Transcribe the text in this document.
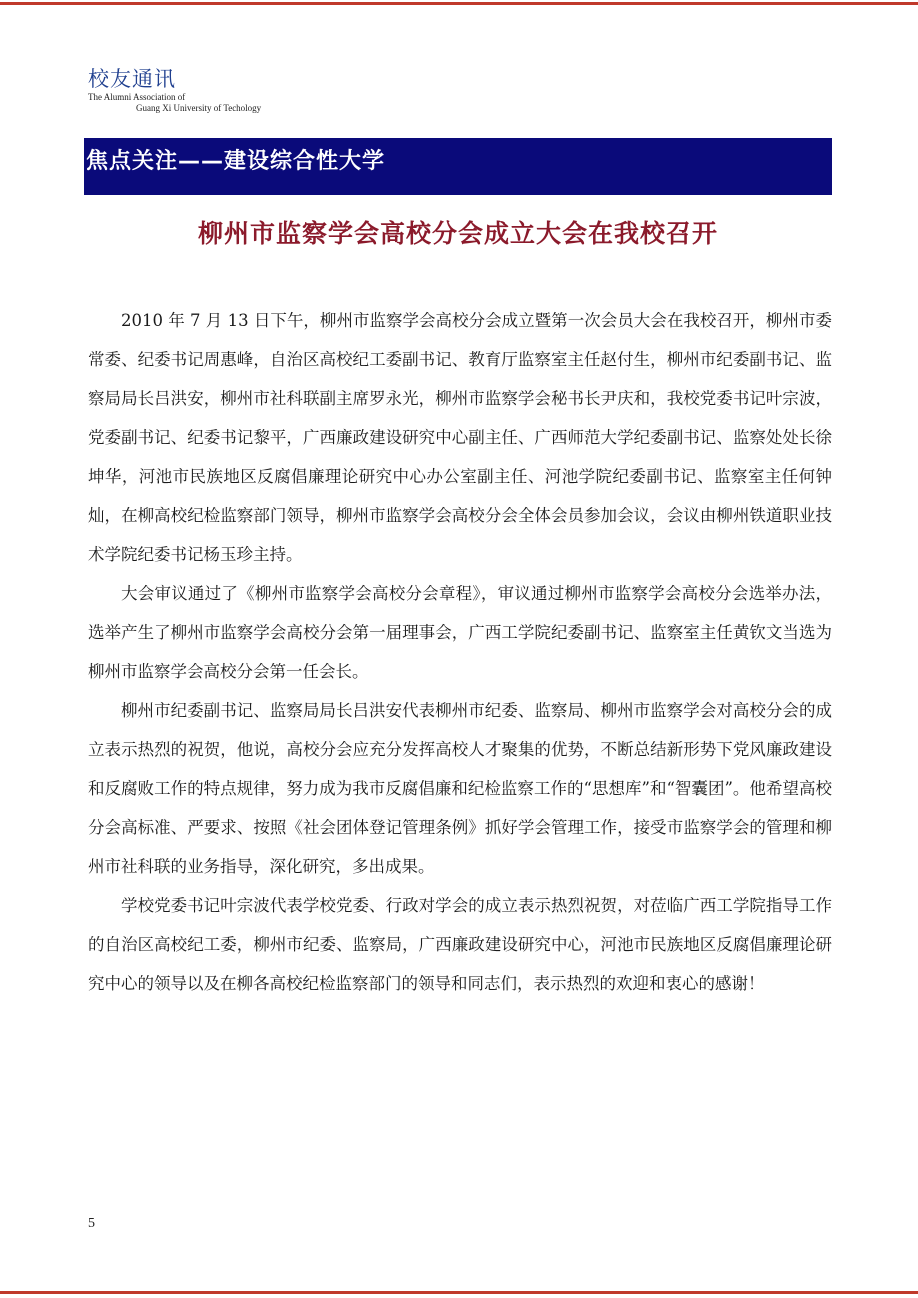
校友通讯
The Alumni Association of
Guang Xi University of Techology
焦点关注——建设综合性大学
柳州市监察学会高校分会成立大会在我校召开

2010 年 7 月 13 日下午，柳州市监察学会高校分会成立暨第一次会员大会在我校召开，柳州市委常委、纪委书记周惠峰，自治区高校纪工委副书记、教育厅监察室主任赵付生，柳州市纪委副书记、监察局局长吕洪安，柳州市社科联副主席罗永光，柳州市监察学会秘书长尹庆和，我校党委书记叶宗波，党委副书记、纪委书记黎平，广西廉政建设研究中心副主任、广西师范大学纪委副书记、监察处处长徐坤华，河池市民族地区反腐倡廉理论研究中心办公室副主任、河池学院纪委副书记、监察室主任何钟灿，在柳高校纪检监察部门领导，柳州市监察学会高校分会全体会员参加会议，会议由柳州铁道职业技术学院纪委书记杨玉珍主持。

大会审议通过了《柳州市监察学会高校分会章程》，审议通过柳州市监察学会高校分会选举办法，选举产生了柳州市监察学会高校分会第一届理事会，广西工学院纪委副书记、监察室主任黄钦文当选为柳州市监察学会高校分会第一任会长。

柳州市纪委副书记、监察局局长吕洪安代表柳州市纪委、监察局、柳州市监察学会对高校分会的成立表示热烈的祝贺，他说，高校分会应充分发挥高校人才聚集的优势，不断总结新形势下党风廉政建设和反腐败工作的特点规律，努力成为我市反腐倡廉和纪检监察工作的“思想库”和“智囊团”。他希望高校分会高标准、严要求、按照《社会团体登记管理条例》抓好学会管理工作，接受市监察学会的管理和柳州市社科联的业务指导，深化研究，多出成果。

学校党委书记叶宗波代表学校党委、行政对学会的成立表示热烈祝贺，对莅临广西工学院指导工作的自治区高校纪工委，柳州市纪委、监察局，广西廉政建设研究中心，河池市民族地区反腐倡廉理论研究中心的领导以及在柳各高校纪检监察部门的领导和同志们，表示热烈的欢迎和衷心的感谢！

5
